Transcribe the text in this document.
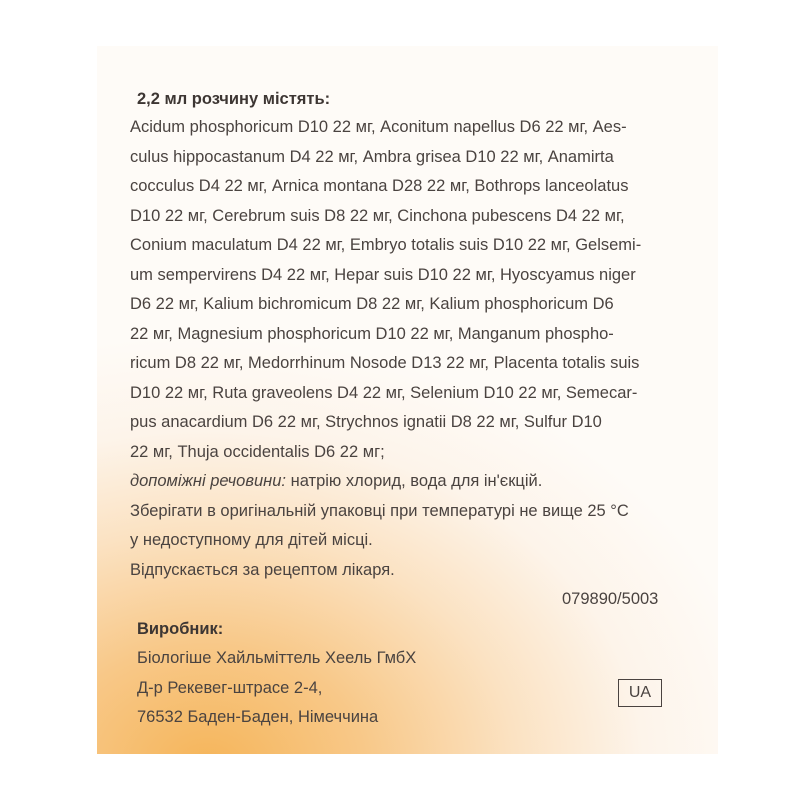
2,2 мл розчину містять:
Acidum phosphoricum D10 22 мг, Aconitum napellus D6 22 мг, Aes-
culus hippocastanum D4 22 мг, Ambra grisea D10 22 мг, Anamirta
cocculus D4 22 мг, Arnica montana D28 22 мг, Bothrops lanceolatus
D10 22 мг, Cerebrum suis D8 22 мг, Cinchona pubescens D4 22 мг,
Conium maculatum D4 22 мг, Embryo totalis suis D10 22 мг, Gelsemi-
um sempervirens D4 22 мг, Hepar suis D10 22 мг, Hyoscyamus niger
D6 22 мг, Kalium bichromicum D8 22 мг, Kalium phosphoricum D6
22 мг, Magnesium phosphoricum D10 22 мг, Manganum phospho-
ricum D8 22 мг, Medorrhinum Nosode D13 22 мг, Placenta totalis suis
D10 22 мг, Ruta graveolens D4 22 мг, Selenium D10 22 мг, Semecar-
pus anacardium D6 22 мг, Strychnos ignatii D8 22 мг, Sulfur D10
22 мг, Thuja occidentalis D6 22 мг;
допоміжні речовини: натрію хлорид, вода для ін'єкцій.
Зберігати в оригінальній упаковці при температурі не вище 25 °С
у недоступному для дітей місці.
Відпускається за рецептом лікаря.
079890/5003
Виробник:
Біологіше Хайльміттель Хеель ГмбХ
Д-р Рекевег-штрасе 2-4,
76532 Баден-Баден, Німеччина
UA
